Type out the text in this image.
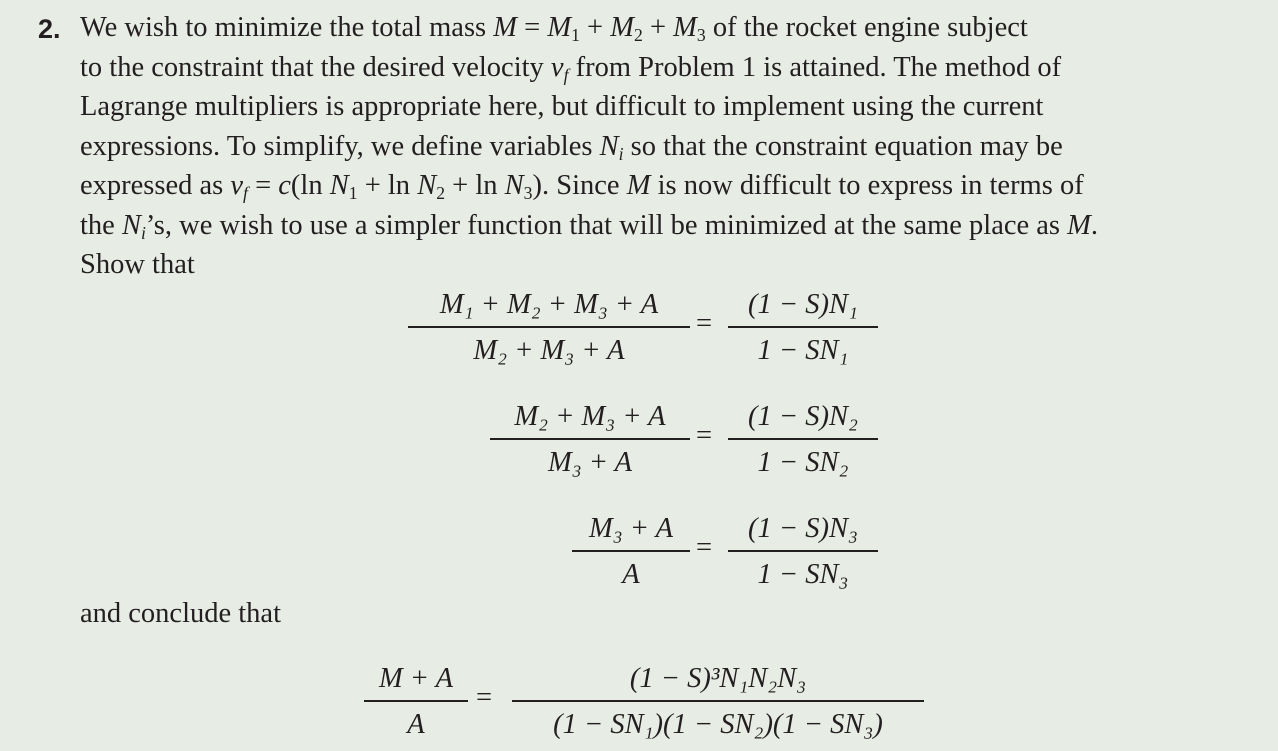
2. We wish to minimize the total mass $M = M_1 + M_2 + M_3$ of the rocket engine subject
to the constraint that the desired velocity $v_f$ from Problem 1 is attained. The method of
Lagrange multipliers is appropriate here, but difficult to implement using the current
expressions. To simplify, we define variables $N_i$ so that the constraint equation may be
expressed as $v_f = c(\ln$ $N_1 + \ln N_2 + \ln N_3$). Since M is now difficult to express in terms of
the $N_i’s$, we wish to use a simpler function that will be minimized at the same place as M.
Show that
M₁ + M₂ + M₃ + A
M₂ + M₃ + A
=
(1 − S)N₁
1 − SN₁
M₂ + M₃ + A
M₃ + A
=
(1 − S)N₂
1 − SN₂
M₃ + A
A
=
(1 − S)N₃
1 − SN₃
and conclude that
M + A
A
=
(1 − S)³N₁N₂N₃
(1 − SN₁)(1 − SN₂)(1 − SN₃)
